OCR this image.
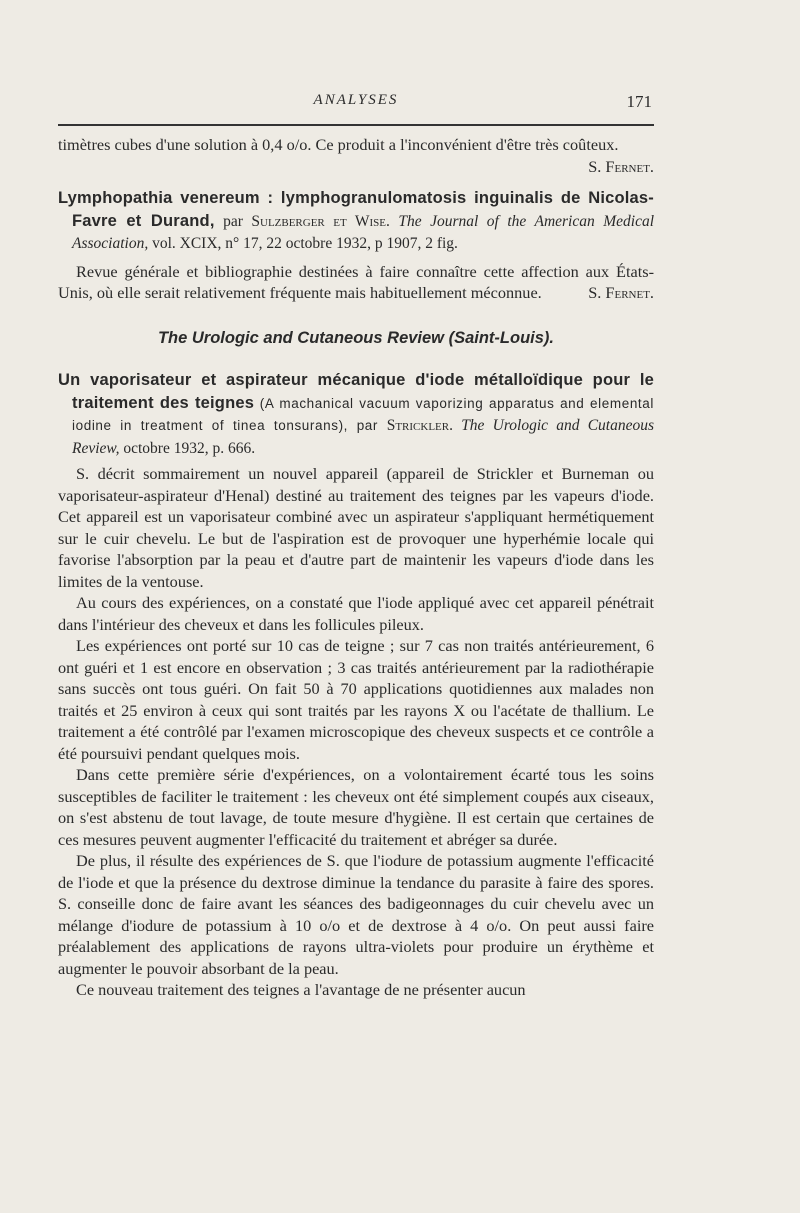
ANALYSES	171

timètres cubes d'une solution à 0,4 o/o. Ce produit a l'inconvénient d'être très coûteux.
S. Fernet.

Lymphopathia venereum : lymphogranulomatosis inguinalis de Nicolas-Favre et Durand, par Sulzberger et Wise. The Journal of the American Medical Association, vol. XCIX, n° 17, 22 octobre 1932, p 1907, 2 fig.

Revue générale et bibliographie destinées à faire connaître cette affection aux États-Unis, où elle serait relativement fréquente mais habituellement méconnue.	S. Fernet.

The Urologic and Cutaneous Review (Saint-Louis).

Un vaporisateur et aspirateur mécanique d'iode métalloïdique pour le traitement des teignes (A machanical vacuum vaporizing apparatus and elemental iodine in treatment of tinea tonsurans), par Strickler. The Urologic and Cutaneous Review, octobre 1932, p. 666.

S. décrit sommairement un nouvel appareil (appareil de Strickler et Burneman ou vaporisateur-aspirateur d'Henal) destiné au traitement des teignes par les vapeurs d'iode. Cet appareil est un vaporisateur combiné avec un aspirateur s'appliquant hermétiquement sur le cuir chevelu. Le but de l'aspiration est de provoquer une hyperhémie locale qui favorise l'absorption par la peau et d'autre part de maintenir les vapeurs d'iode dans les limites de la ventouse.

Au cours des expériences, on a constaté que l'iode appliqué avec cet appareil pénétrait dans l'intérieur des cheveux et dans les follicules pileux.

Les expériences ont porté sur 10 cas de teigne ; sur 7 cas non traités antérieurement, 6 ont guéri et 1 est encore en observation ; 3 cas traités antérieurement par la radiothérapie sans succès ont tous guéri. On fait 50 à 70 applications quotidiennes aux malades non traités et 25 environ à ceux qui sont traités par les rayons X ou l'acétate de thallium. Le traitement a été contrôlé par l'examen microscopique des cheveux suspects et ce contrôle a été poursuivi pendant quelques mois.

Dans cette première série d'expériences, on a volontairement écarté tous les soins susceptibles de faciliter le traitement : les cheveux ont été simplement coupés aux ciseaux, on s'est abstenu de tout lavage, de toute mesure d'hygiène. Il est certain que certaines de ces mesures peuvent augmenter l'efficacité du traitement et abréger sa durée.

De plus, il résulte des expériences de S. que l'iodure de potassium augmente l'efficacité de l'iode et que la présence du dextrose diminue la tendance du parasite à faire des spores. S. conseille donc de faire avant les séances des badigeonnages du cuir chevelu avec un mélange d'iodure de potassium à 10 o/o et de dextrose à 4 o/o. On peut aussi faire préalablement des applications de rayons ultra-violets pour produire un érythème et augmenter le pouvoir absorbant de la peau.

Ce nouveau traitement des teignes a l'avantage de ne présenter aucun
